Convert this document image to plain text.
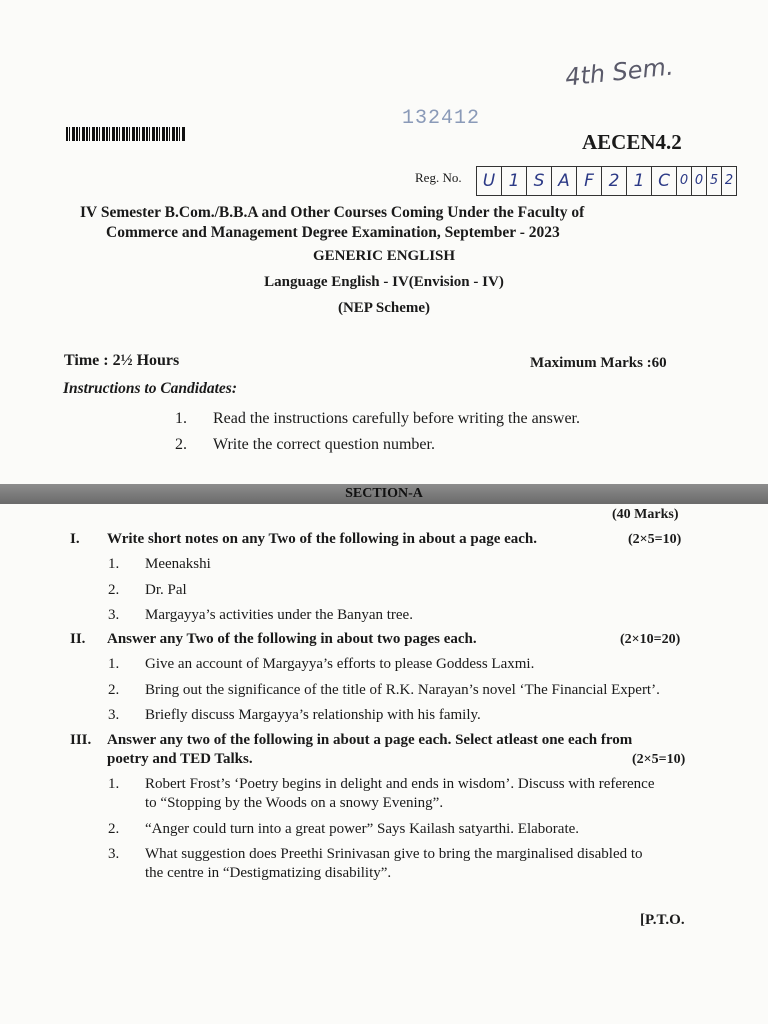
4th Sem.
132412
AECEN4.2
Reg. No.	U 1 S A F 2 1 C 0 0 5 2
IV Semester B.Com./B.B.A and Other Courses Coming Under the Faculty of
Commerce and Management Degree Examination, September - 2023
GENERIC ENGLISH
Language English - IV(Envision - IV)
(NEP Scheme)
Time : 2½ Hours	Maximum Marks :60
Instructions to Candidates:
1. Read the instructions carefully before writing the answer.
2. Write the correct question number.
SECTION-A
(40 Marks)
I. Write short notes on any Two of the following in about a page each.	(2×5=10)
1. Meenakshi
2. Dr. Pal
3. Margayya’s activities under the Banyan tree.
II. Answer any Two of the following in about two pages each.	(2×10=20)
1. Give an account of Margayya’s efforts to please Goddess Laxmi.
2. Bring out the significance of the title of R.K. Narayan’s novel ‘The Financial Expert’.
3. Briefly discuss Margayya’s relationship with his family.
III. Answer any two of the following in about a page each. Select atleast one each from
poetry and TED Talks.	(2×5=10)
1. Robert Frost’s ‘Poetry begins in delight and ends in wisdom’. Discuss with reference
to “Stopping by the Woods on a snowy Evening”.
2. “Anger could turn into a great power” Says Kailash satyarthi. Elaborate.
3. What suggestion does Preethi Srinivasan give to bring the marginalised disabled to
the centre in “Destigmatizing disability”.
[P.T.O.
